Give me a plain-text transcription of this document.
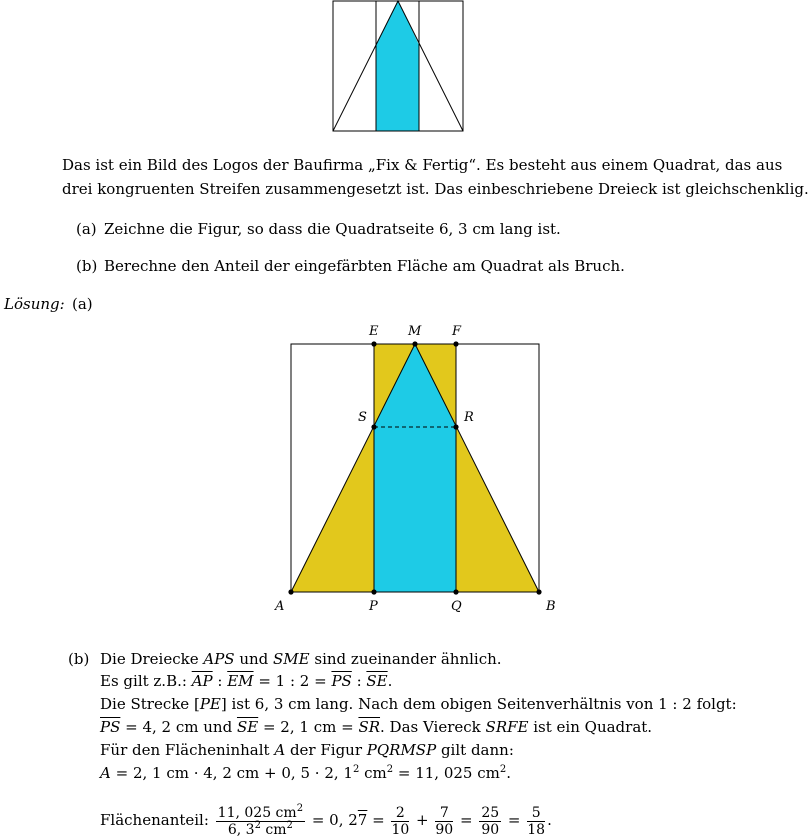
Das ist ein Bild des Logos der Baufirma „Fix & Fertig“. Es besteht aus einem Quadrat, das aus
drei kongruenten Streifen zusammengesetzt ist. Das einbeschriebene Dreieck ist gleichschenklig.
(a) Zeichne die Figur, so dass die Quadratseite 6, 3 cm lang ist.
(b) Berechne den Anteil der eingefärbten Fläche am Quadrat als Bruch.
Lösung: (a)
E M F
S	R
A	P	Q	B
(b) Die Dreiecke APS und SME sind zueinander ähnlich.
Es gilt z.B.: $\overline{AP}$ : $\overline{EM} = 1$ : $2 = \overline{PS}$ : $\overline{SE}$.
Die Strecke [PE] ist 6, 3 cm lang. Nach dem obigen Seitenverhältnis von 1 : 2 folgt:
$\overline{PS} = 4$, 2 cm und $\overline{SE} = 2$, 1 cm = $\overline{SR}$. Das Viereck SRFE ist ein Quadrat.
Für den Flächeninhalt A der Figur PQRMSP gilt dann:
A = 2, 1 cm · 4, 2 cm + 0, 5 · 2, $1^2$ $cm^2 = 11$, 025 $cm^2$.
Flächenanteil: $\frac{11, 025 cm^2}{6, 3^2 cm^2} = 0$, $27 = \frac{2}{10} + \frac{7}{90} = \frac{25}{90} = \frac{5}{18}$ .
